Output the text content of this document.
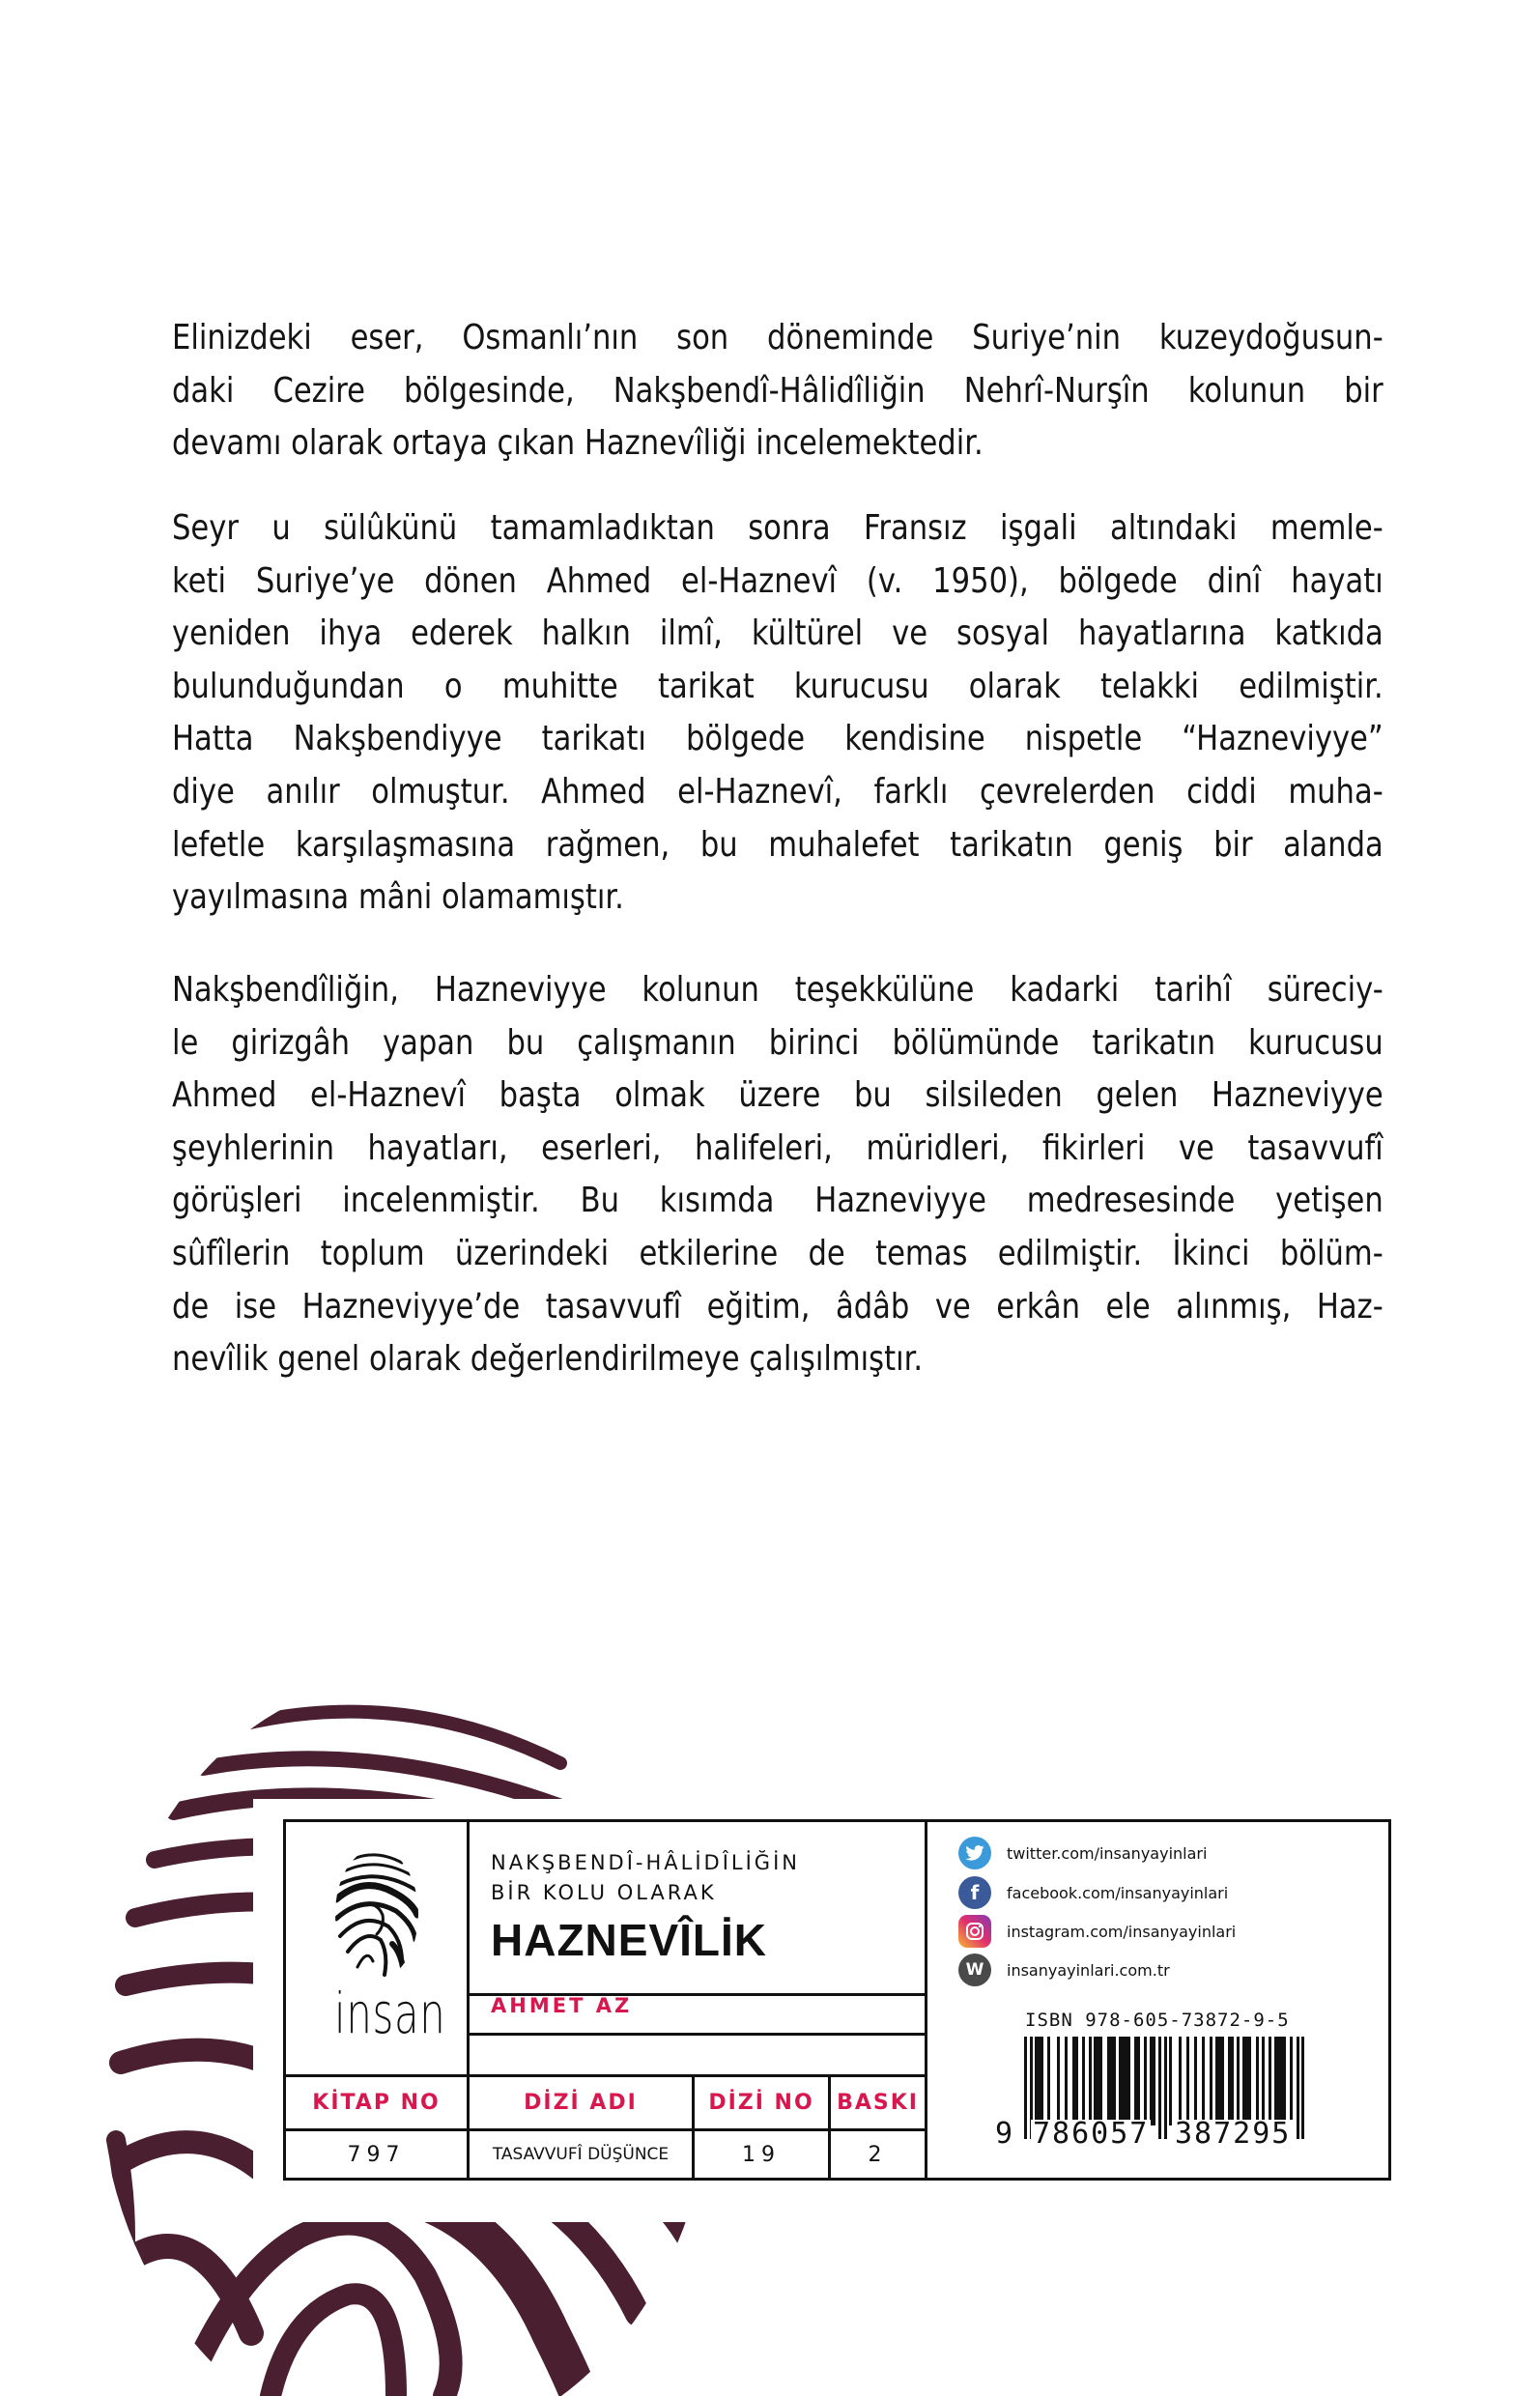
Elinizdeki eser, Osmanlı’nın son döneminde Suriye’nin kuzeydoğusun-
daki Cezire bölgesinde, Nakşbendî-Hâlidîliğin Nehrî-Nurşîn kolunun bir
devamı olarak ortaya çıkan Haznevîliği incelemektedir.
Seyr u sülûkünü tamamladıktan sonra Fransız işgali altındaki memle-
keti Suriye’ye dönen Ahmed el-Haznevî (v. 1950), bölgede dinî hayatı
yeniden ihya ederek halkın ilmî, kültürel ve sosyal hayatlarına katkıda
bulunduğundan o muhitte tarikat kurucusu olarak telakki edilmiştir.
Hatta Nakşbendiyye tarikatı bölgede kendisine nispetle “Hazneviyye”
diye anılır olmuştur. Ahmed el-Haznevî, farklı çevrelerden ciddi muha-
lefetle karşılaşmasına rağmen, bu muhalefet tarikatın geniş bir alanda
yayılmasına mâni olamamıştır.
Nakşbendîliğin, Hazneviyye kolunun teşekkülüne kadarki tarihî süreciy-
le girizgâh yapan bu çalışmanın birinci bölümünde tarikatın kurucusu
Ahmed el-Haznevî başta olmak üzere bu silsileden gelen Hazneviyye
şeyhlerinin hayatları, eserleri, halifeleri, müridleri, fikirleri ve tasavvufî
görüşleri incelenmiştir. Bu kısımda Hazneviyye medresesinde yetişen
sûfîlerin toplum üzerindeki etkilerine de temas edilmiştir. İkinci bölüm-
de ise Hazneviyye’de tasavvufî eğitim, âdâb ve erkân ele alınmış, Haz-
nevîlik genel olarak değerlendirilmeye çalışılmıştır.
insan
NAKŞBENDÎ-HÂLİDÎLİĞİN
BİR KOLU OLARAK
HAZNEVÎLİK
AHMET AZ
KİTAP NO	DİZİ ADI	DİZİ NO	BASKI
797	TASAVVUFÎ DÜŞÜNCE	19	2
twitter.com/insanyayinlari
f	facebook.com/insanyayinlari
instagram.com/insanyayinlari
W	insanyayinlari.com.tr
ISBN 978-605-73872-9-5
9 786057 387295
